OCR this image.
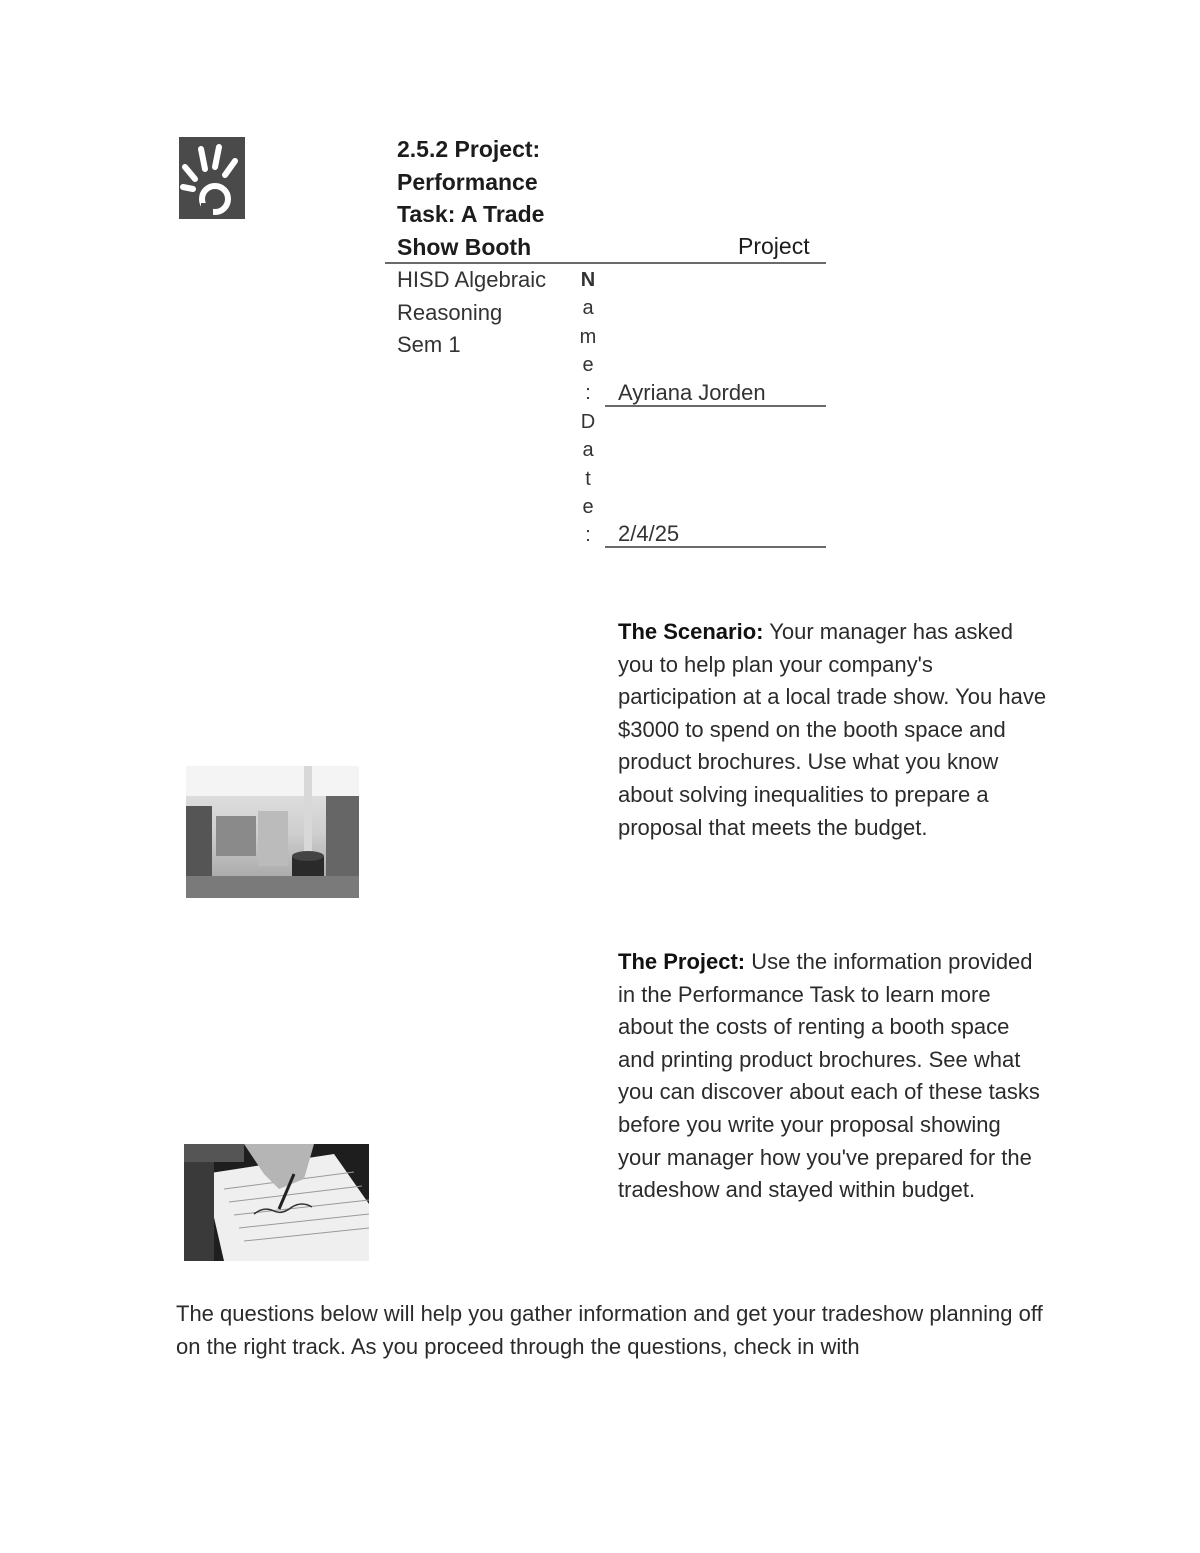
2.5.2 Project: Performance Task: A Trade Show Booth	Project
HISD Algebraic Reasoning Sem 1
N
a
m
e
:	Ayriana Jorden
D
a
t
e
:	2/4/25
The Scenario: Your manager has asked you to help plan your company's participation at a local trade show. You have $3000 to spend on the booth space and product brochures. Use what you know about solving inequalities to prepare a proposal that meets the budget.
The Project: Use the information provided in the Performance Task to learn more about the costs of renting a booth space and printing product brochures. See what you can discover about each of these tasks before you write your proposal showing your manager how you've prepared for the tradeshow and stayed within budget.
The questions below will help you gather information and get your tradeshow planning off on the right track. As you proceed through the questions, check in with
